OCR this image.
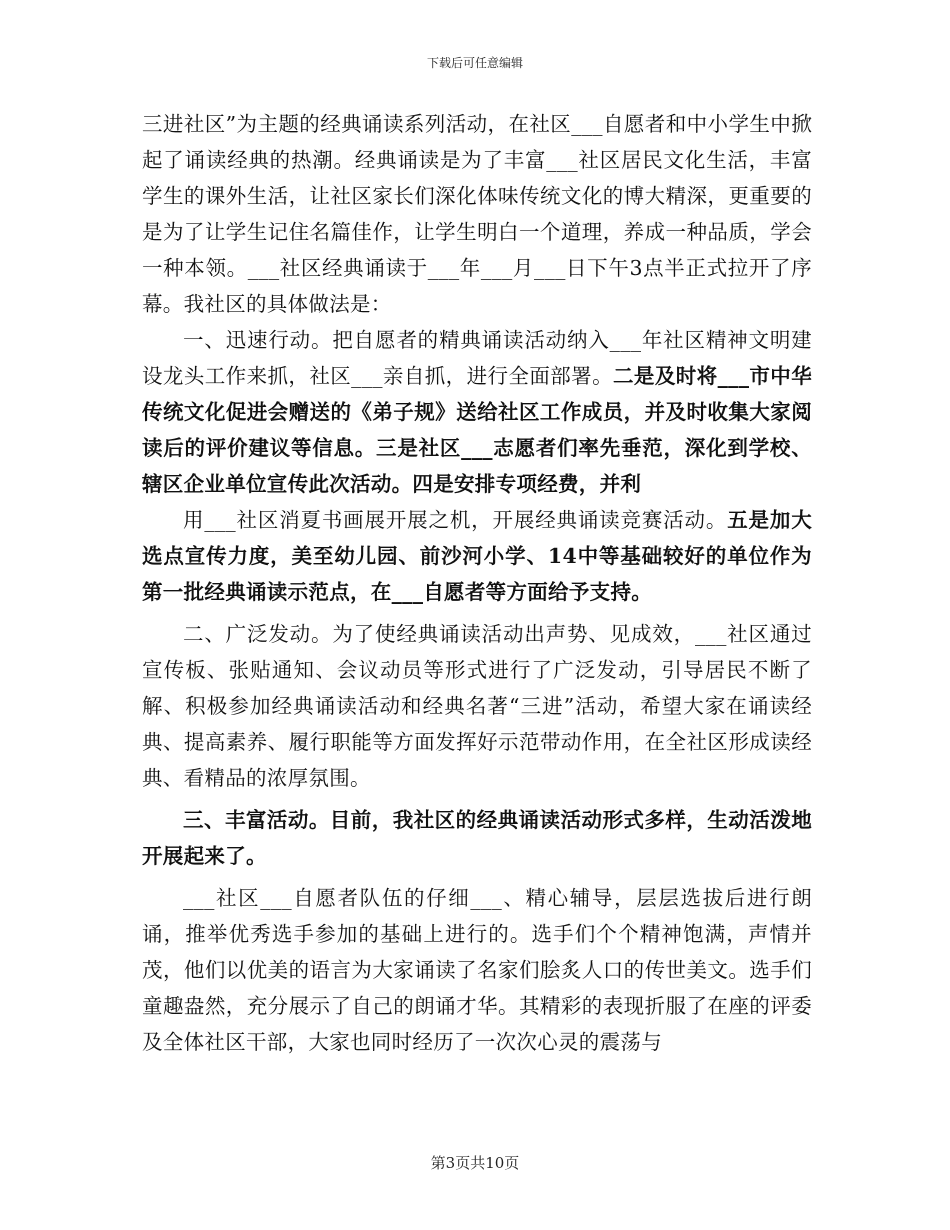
下载后可任意编辑

三进社区”为主题的经典诵读系列活动，在社区___自愿者和中小学生中掀起了诵读经典的热潮。经典诵读是为了丰富___社区居民文化生活，丰富学生的课外生活，让社区家长们深化体味传统文化的博大精深，更重要的是为了让学生记住名篇佳作，让学生明白一个道理，养成一种品质，学会一种本领。___社区经典诵读于___年___月___日下午3点半正式拉开了序幕。我社区的具体做法是：

一、迅速行动。把自愿者的精典诵读活动纳入___年社区精神文明建设龙头工作来抓，社区___亲自抓，进行全面部署。二是及时将___市中华传统文化促进会赠送的《弟子规》送给社区工作成员，并及时收集大家阅读后的评价建议等信息。三是社区___志愿者们率先垂范，深化到学校、辖区企业单位宣传此次活动。四是安排专项经费，并利

用___社区消夏书画展开展之机，开展经典诵读竞赛活动。五是加大选点宣传力度，美至幼儿园、前沙河小学、14中等基础较好的单位作为第一批经典诵读示范点，在___自愿者等方面给予支持。

二、广泛发动。为了使经典诵读活动出声势、见成效，___社区通过宣传板、张贴通知、会议动员等形式进行了广泛发动，引导居民不断了解、积极参加经典诵读活动和经典名著“三进”活动，希望大家在诵读经典、提高素养、履行职能等方面发挥好示范带动作用，在全社区形成读经典、看精品的浓厚氛围。

三、丰富活动。目前，我社区的经典诵读活动形式多样，生动活泼地开展起来了。

___社区___自愿者队伍的仔细___、精心辅导，层层选拔后进行朗诵，推举优秀选手参加的基础上进行的。选手们个个精神饱满，声情并茂，他们以优美的语言为大家诵读了名家们脍炙人口的传世美文。选手们童趣盎然，充分展示了自己的朗诵才华。其精彩的表现折服了在座的评委及全体社区干部，大家也同时经历了一次次心灵的震荡与

第3页共10页
